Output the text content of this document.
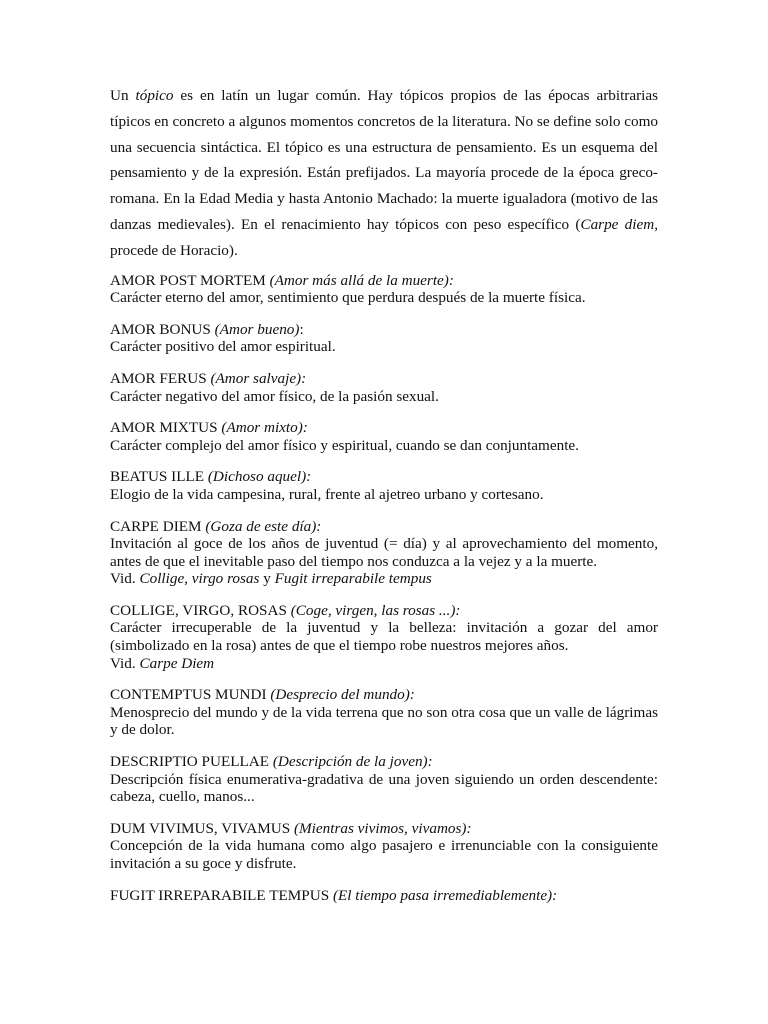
Un tópico es en latín un lugar común. Hay tópicos propios de las épocas arbitrarias típicos en concreto a algunos momentos concretos de la literatura. No se define solo como una secuencia sintáctica. El tópico es una estructura de pensamiento. Es un esquema del pensamiento y de la expresión. Están prefijados. La mayoría procede de la época greco-romana. En la Edad Media y hasta Antonio Machado: la muerte igualadora (motivo de las danzas medievales). En el renacimiento hay tópicos con peso específico (Carpe diem, procede de Horacio).

AMOR POST MORTEM (Amor más allá de la muerte):
Carácter eterno del amor, sentimiento que perdura después de la muerte física.
AMOR BONUS (Amor bueno):
Carácter positivo del amor espiritual.
AMOR FERUS (Amor salvaje):
Carácter negativo del amor físico, de la pasión sexual.
AMOR MIXTUS (Amor mixto):
Carácter complejo del amor físico y espiritual, cuando se dan conjuntamente.
BEATUS ILLE (Dichoso aquel):
Elogio de la vida campesina, rural, frente al ajetreo urbano y cortesano.
CARPE DIEM (Goza de este día):
Invitación al goce de los años de juventud (= día) y al aprovechamiento del momento, antes de que el inevitable paso del tiempo nos conduzca a la vejez y a la muerte.
Vid. Collige, virgo rosas y Fugit irreparabile tempus
COLLIGE, VIRGO, ROSAS (Coge, virgen, las rosas ...):
Carácter irrecuperable de la juventud y la belleza: invitación a gozar del amor (simbolizado en la rosa) antes de que el tiempo robe nuestros mejores años.
Vid. Carpe Diem
CONTEMPTUS MUNDI (Desprecio del mundo):
Menosprecio del mundo y de la vida terrena que no son otra cosa que un valle de lágrimas y de dolor.
DESCRIPTIO PUELLAE (Descripción de la joven):
Descripción física enumerativa-gradativa de una joven siguiendo un orden descendente: cabeza, cuello, manos...
DUM VIVIMUS, VIVAMUS (Mientras vivimos, vivamos):
Concepción de la vida humana como algo pasajero e irrenunciable con la consiguiente invitación a su goce y disfrute.
FUGIT IRREPARABILE TEMPUS (El tiempo pasa irremediablemente):
